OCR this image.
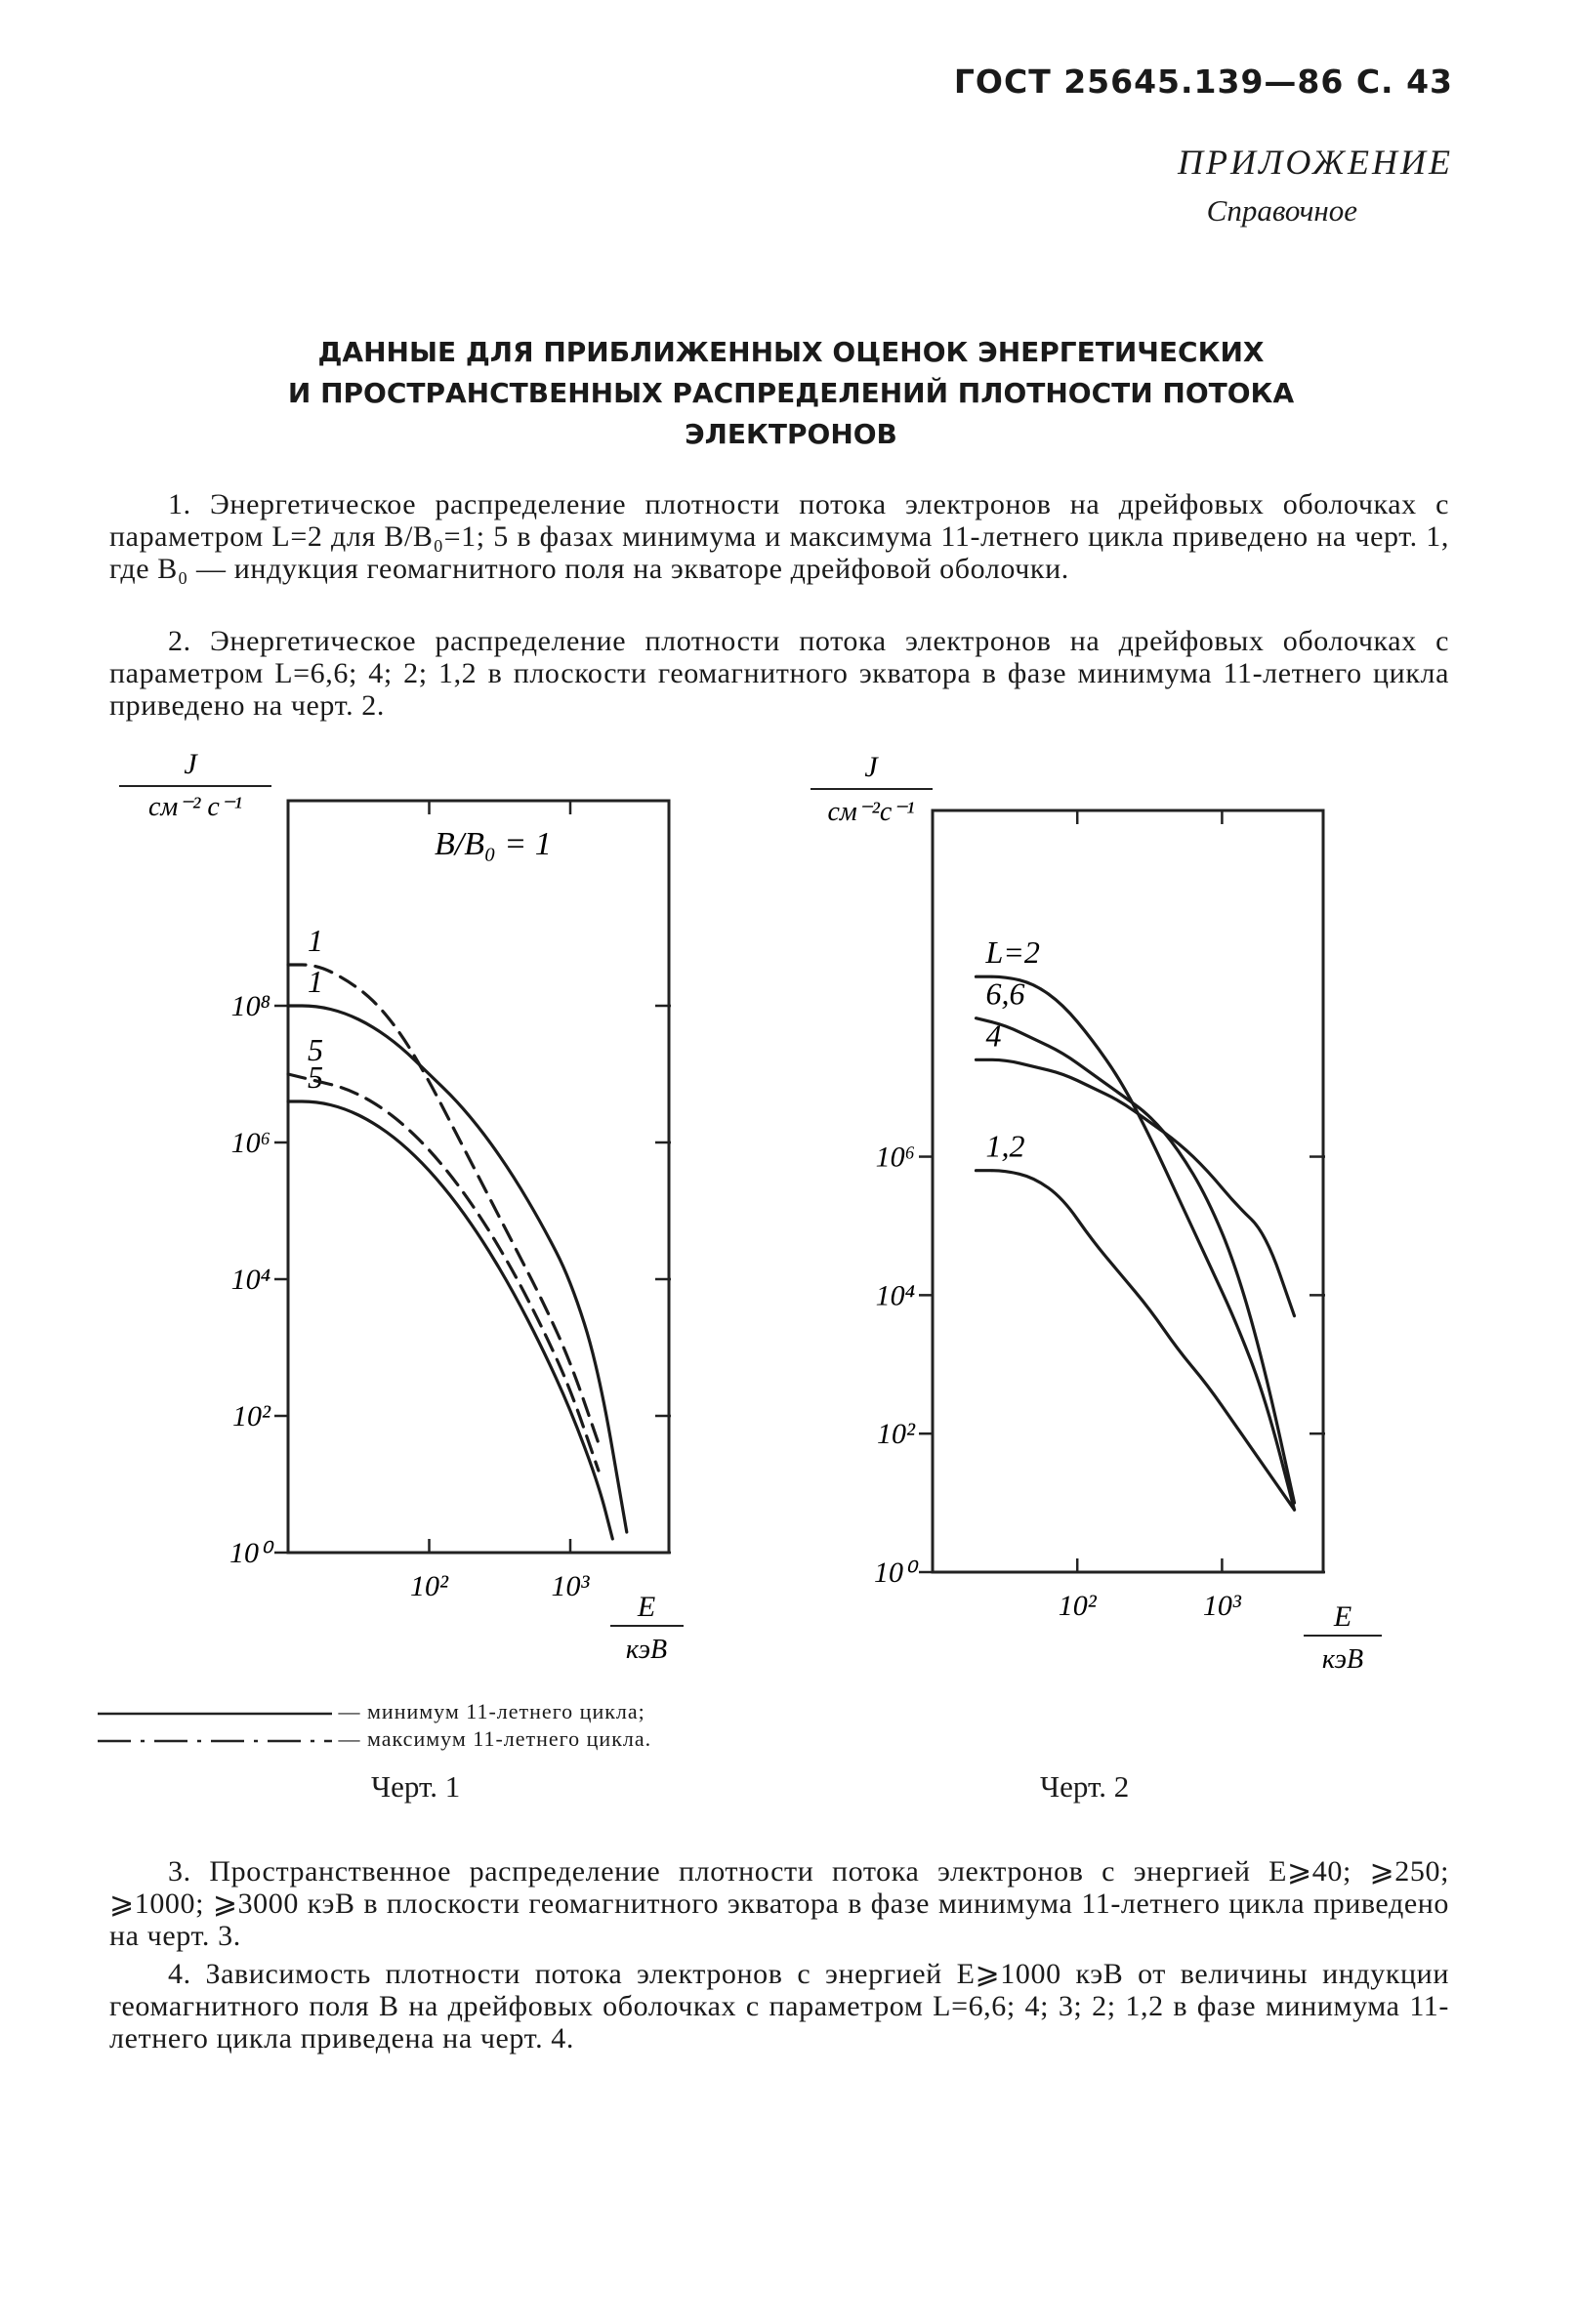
ГОСТ 25645.139—86 С. 43
ПРИЛОЖЕНИЕ
Справочное
ДАННЫЕ ДЛЯ ПРИБЛИЖЕННЫХ ОЦЕНОК ЭНЕРГЕТИЧЕСКИХ
И ПРОСТРАНСТВЕННЫХ РАСПРЕДЕЛЕНИЙ ПЛОТНОСТИ ПОТОКА
ЭЛЕКТРОНОВ
1. Энергетическое распределение плотности потока электронов на дрейфовых оболочках с параметром L=2 для B/B₀=1; 5 в фазах минимума и максимума 11-летнего цикла приведено на черт. 1, где B₀ — индукция геомагнитного поля на экваторе дрейфовой оболочки.
2. Энергетическое распределение плотности потока электронов на дрейфовых оболочках с параметром L=6,6; 4; 2; 1,2 в плоскости геомагнитного экватора в фазе минимума 11-летнего цикла приведено на черт. 2.
J
см⁻² с⁻¹
10⁰
10²
10⁴
10⁶
10⁸
10²	10³
1
1
5
5
B/B₀ = 1
E
кэВ
J
см⁻²с⁻¹
10⁰
10²
10⁴
10⁶
10²	10³
L=2
6,6
4
1,2
E
кэВ
— минимум 11-летнего цикла;
— максимум 11-летнего цикла.
Черт. 1	Черт. 2
3. Пространственное распределение плотности потока электронов с энергией E⩾40; ⩾250; ⩾1000; ⩾3000 кэВ в плоскости геомагнитного экватора в фазе минимума 11-летнего цикла приведено на черт. 3.
4. Зависимость плотности потока электронов с энергией E⩾1000 кэВ от величины индукции геомагнитного поля B на дрейфовых оболочках с параметром L=6,6; 4; 3; 2; 1,2 в фазе минимума 11-летнего цикла приведена на черт. 4.
